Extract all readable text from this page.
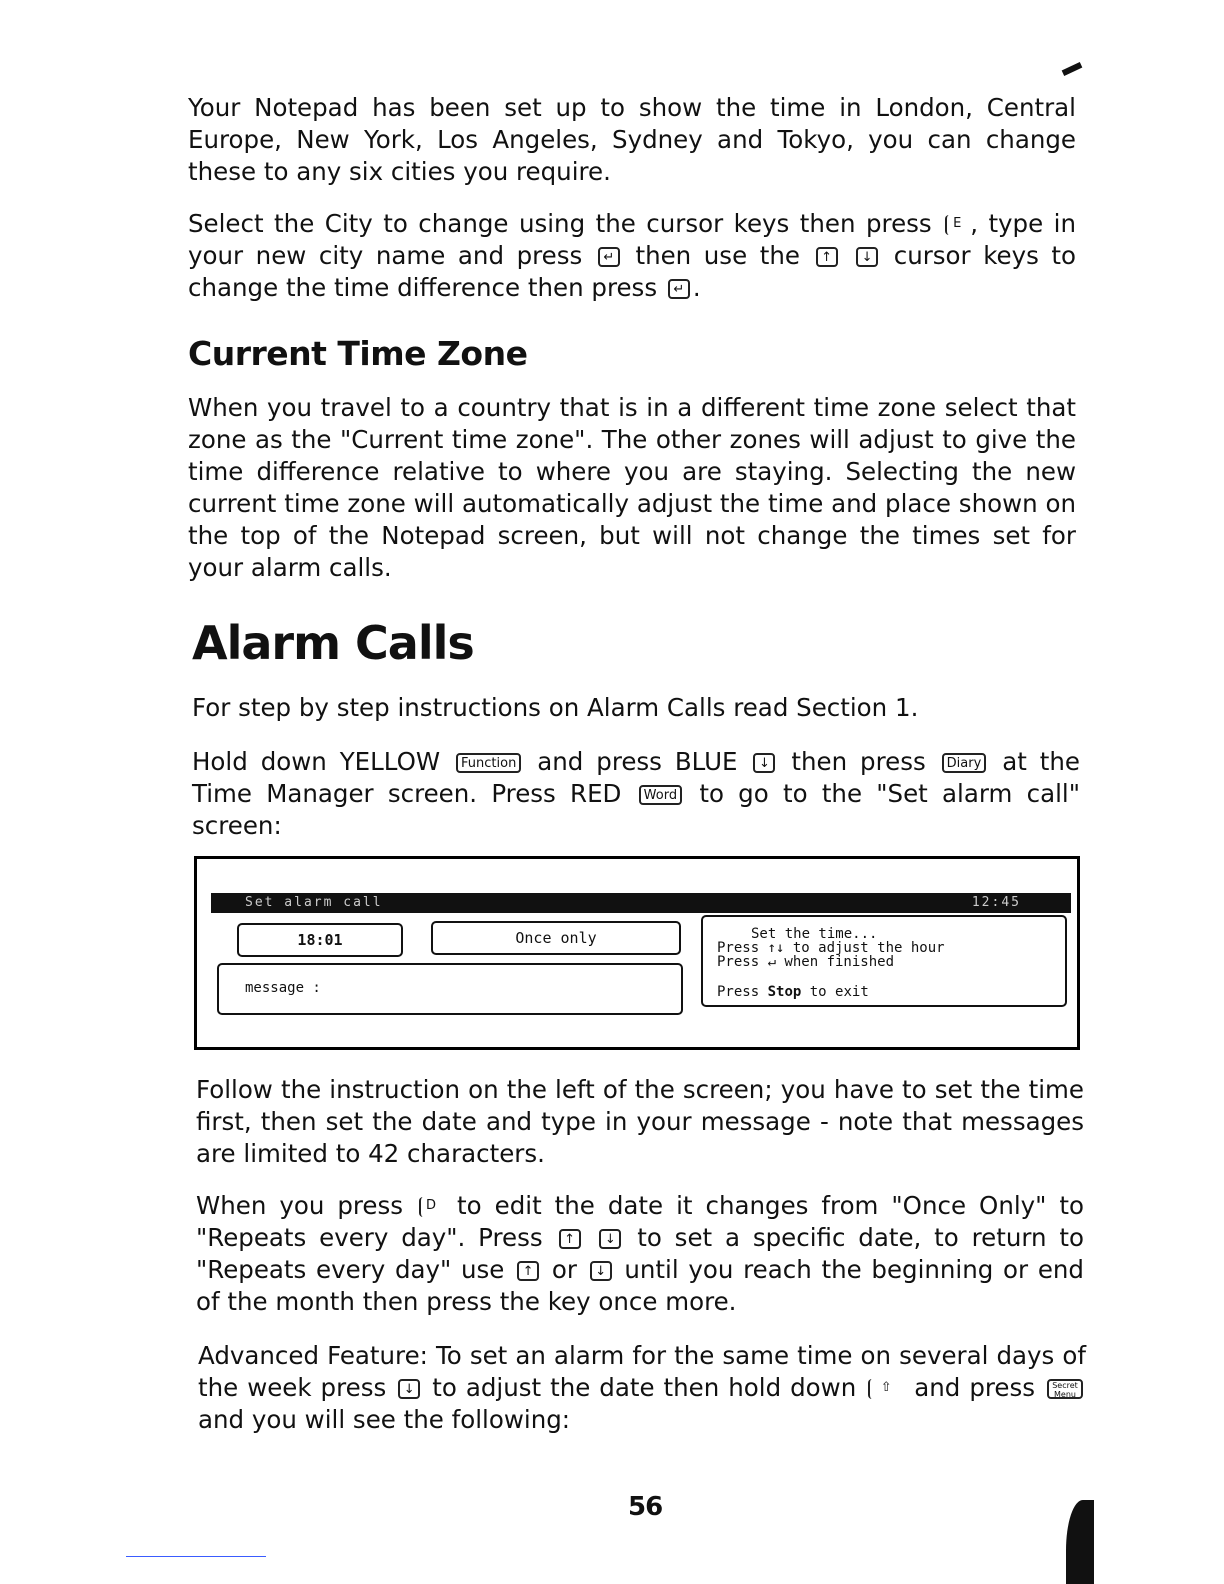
Your Notepad has been set up to show the time in London, Central Europe, New York, Los Angeles, Sydney and Tokyo, you can change these to any six cities you require.

Select the City to change using the cursor keys then press E , type in your new city name and press ↵ then use the ↑ ↓ cursor keys to change the time difference then press ↵ .

Current Time Zone

When you travel to a country that is in a different time zone select that zone as the "Current time zone". The other zones will adjust to give the time difference relative to where you are staying. Selecting the new current time zone will automatically adjust the time and place shown on the top of the Notepad screen, but will not change the times set for your alarm calls.

Alarm Calls

For step by step instructions on Alarm Calls read Section 1.

Hold down YELLOW Function and press BLUE ↓ then press Diary at the Time Manager screen. Press RED Word to go to the "Set alarm call" screen:

Set alarm call	12:45
18:01	Once only
message :
Set the time...
Press ↑↓ to adjust the hour
Press ↵ when finished
Press Stop to exit

Follow the instruction on the left of the screen; you have to set the time first, then set the date and type in your message - note that messages are limited to 42 characters.

When you press D to edit the date it changes from "Once Only" to "Repeats every day". Press ↑ ↓ to set a specific date, to return to "Repeats every day" use ↑ or ↓ until you reach the beginning or end of the month then press the key once more.

Advanced Feature: To set an alarm for the same time on several days of the week press ↓ to adjust the date then hold down ⇧ and press Secret Menu and you will see the following:

56
